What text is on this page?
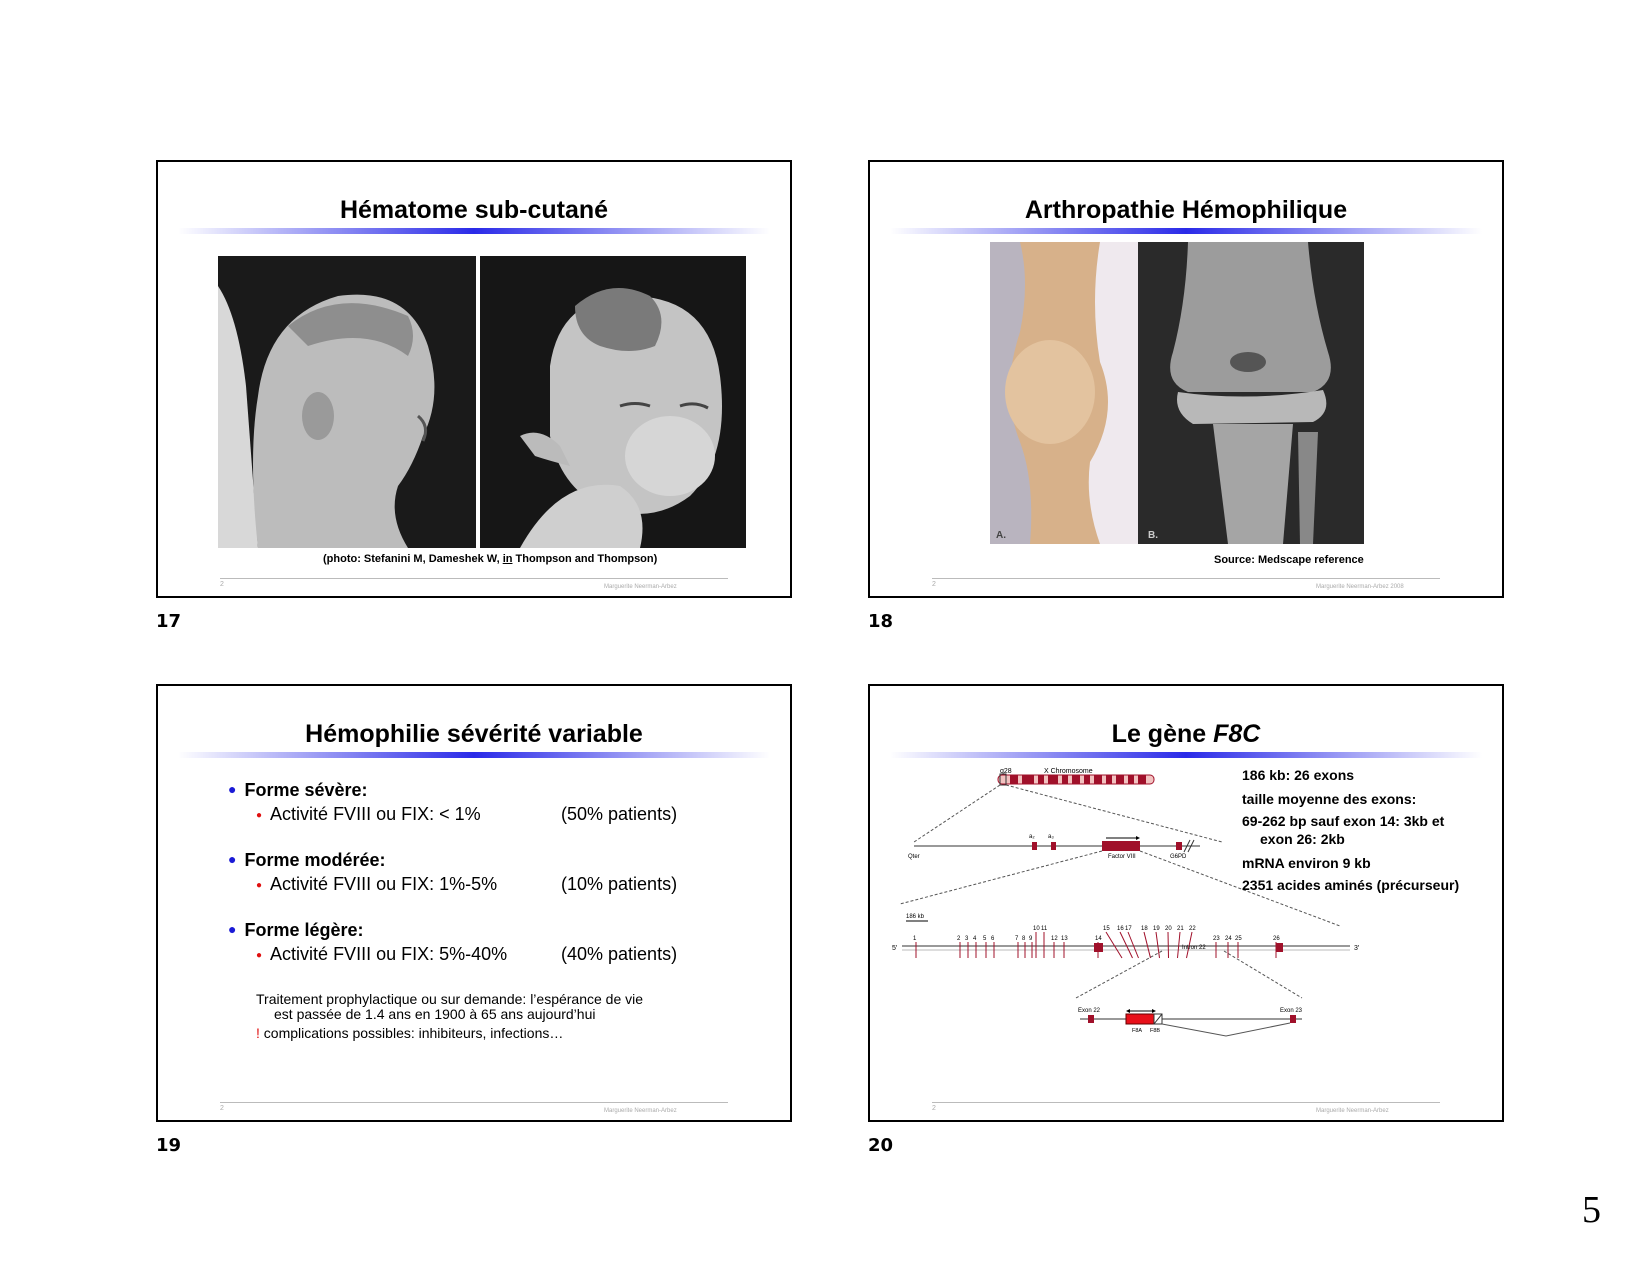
Hématome sub-cutané
(photo: Stefanini M, Dameshek W, in Thompson and Thompson)
2	Marguerite Neerman-Arbez
17
Arthropathie Hémophilique
A.	B.
Source: Medscape reference
2	Marguerite Neerman-Arbez 2008
18
Hémophilie sévérité variable
● Forme sévère:
● Activité FVIII ou FIX: < 1%	(50% patients)
● Forme modérée:
● Activité FVIII ou FIX: 1%-5%	(10% patients)
● Forme légère:
● Activité FVIII ou FIX: 5%-40%	(40% patients)
Traitement prophylactique ou sur demande: l’espérance de vie
est passée de 1.4 ans en 1900 à 65 ans aujourd’hui
! complications possibles: inhibiteurs, infections…
2	Marguerite Neerman-Arbez
19
Le gène F8C
q28	X Chromosome
a₂ a₃
Qter	Factor VIII	G6PD
186 kb
5′	3′
1	2 3 4 5 6	7 8 9
10 11
12 13	14
15 16 17 18 19 20 21 22
23 24 25	26
Intron 22
Exon 22	Exon 23
F8A F8B
186 kb: 26 exons
taille moyenne des exons:
69-262 bp sauf exon 14: 3kb et
exon 26: 2kb
mRNA environ 9 kb
2351 acides aminés (précurseur)
2	Marguerite Neerman-Arbez
20
5
